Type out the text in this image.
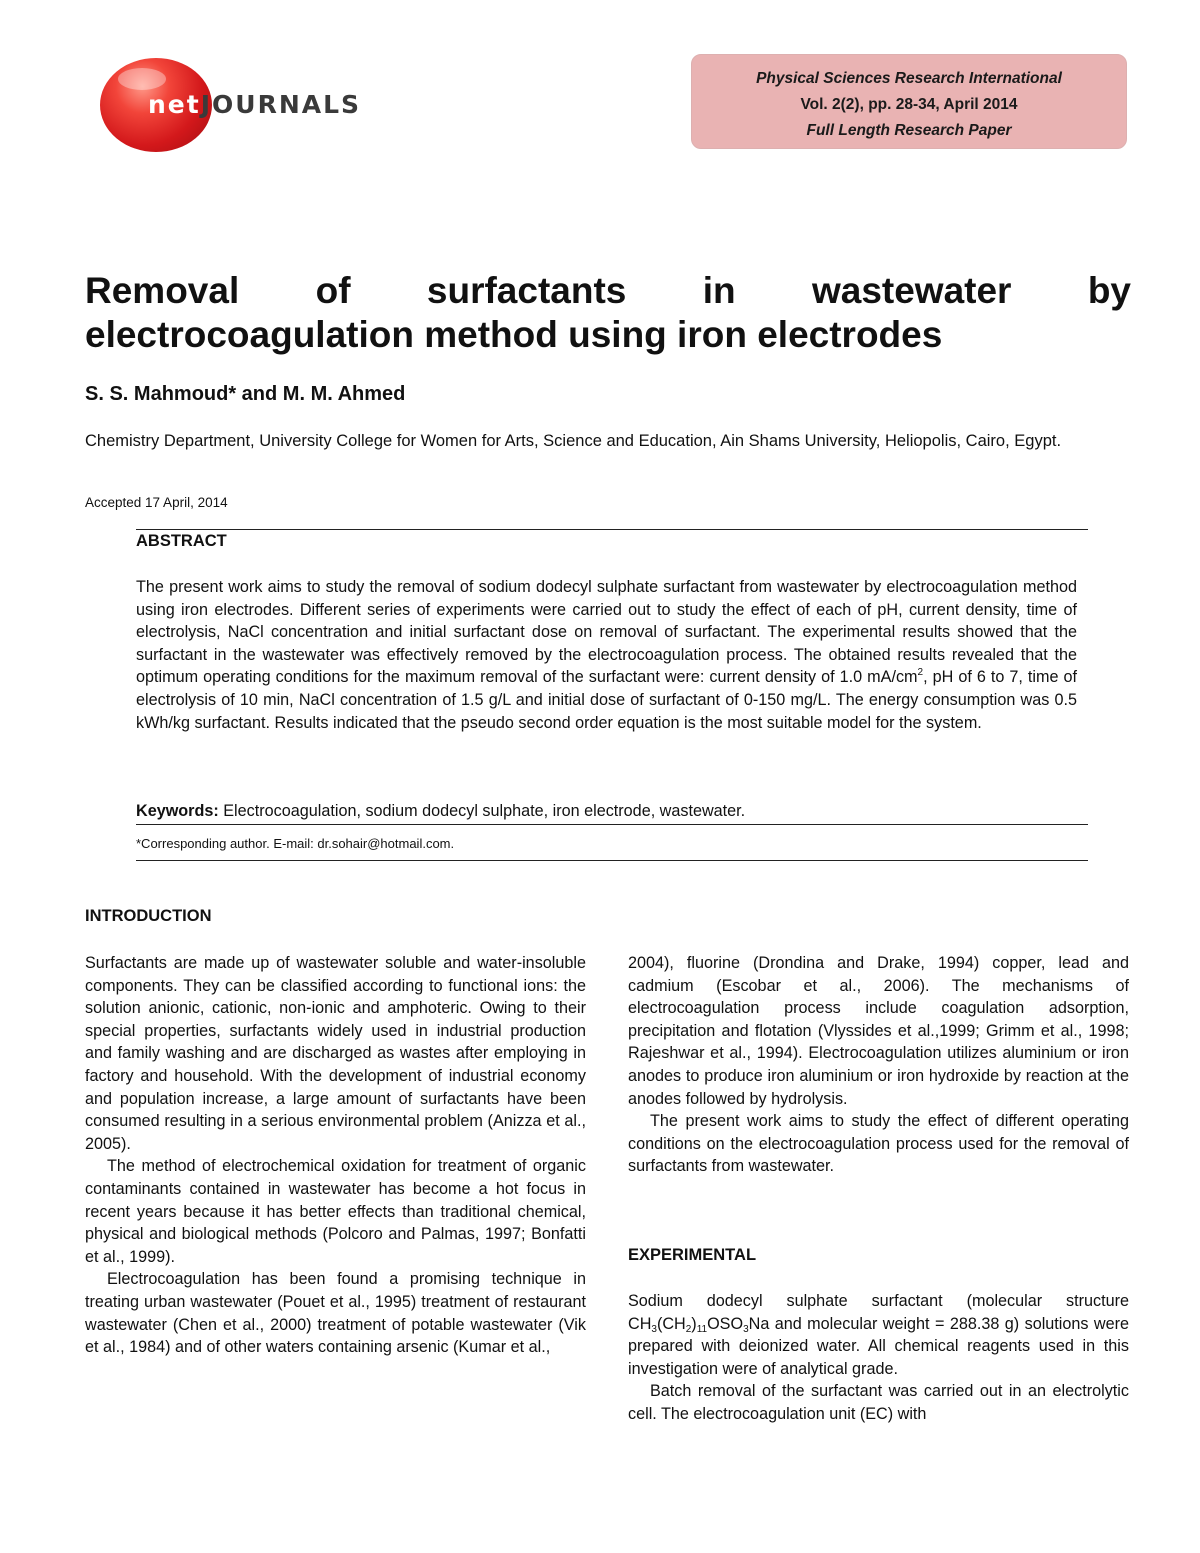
netJOURNALS
Physical Sciences Research International
Vol. 2(2), pp. 28-34, April 2014
Full Length Research Paper
Removal of surfactants in wastewater by
electrocoagulation method using iron electrodes
S. S. Mahmoud* and M. M. Ahmed
Chemistry Department, University College for Women for Arts, Science and Education, Ain Shams University, Heliopolis, Cairo, Egypt.
Accepted 17 April, 2014
ABSTRACT

The present work aims to study the removal of sodium dodecyl sulphate surfactant from wastewater by electrocoagulation method using iron electrodes. Different series of experiments were carried out to study the effect of each of pH, current density, time of electrolysis, NaCl concentration and initial surfactant dose on removal of surfactant. The experimental results showed that the surfactant in the wastewater was effectively removed by the electrocoagulation process. The obtained results revealed that the optimum operating conditions for the maximum removal of the surfactant were: current density of 1.0 $mA/cm^2$, pH of 6 to 7, time of electrolysis of 10 min, NaCl concentration of 1.5 g/L and initial dose of surfactant of 0-150 mg/L. The energy consumption was 0.5 kWh/kg surfactant. Results indicated that the pseudo second order equation is the most suitable model for the system.

Keywords: Electrocoagulation, sodium dodecyl sulphate, iron electrode, wastewater.
*Corresponding author. E-mail: dr.sohair@hotmail.com.
INTRODUCTION

Surfactants are made up of wastewater soluble and water-insoluble components. They can be classified according to functional ions: the solution anionic, cationic, non-ionic and amphoteric. Owing to their special properties, surfactants widely used in industrial production and family washing and are discharged as wastes after employing in factory and household. With the development of industrial economy and population increase, a large amount of surfactants have been consumed resulting in a serious environmental problem (Anizza et al., 2005).

The method of electrochemical oxidation for treatment of organic contaminants contained in wastewater has become a hot focus in recent years because it has better effects than traditional chemical, physical and biological methods (Polcoro and Palmas, 1997; Bonfatti et al., 1999).

Electrocoagulation has been found a promising technique in treating urban wastewater (Pouet et al., 1995) treatment of restaurant wastewater (Chen et al., 2000) treatment of potable wastewater (Vik et al., 1984) and of other waters containing arsenic (Kumar et al.,

2004), fluorine (Drondina and Drake, 1994) copper, lead and cadmium (Escobar et al., 2006). The mechanisms of electrocoagulation process include coagulation adsorption, precipitation and flotation (Vlyssides et al.,1999; Grimm et al., 1998; Rajeshwar et al., 1994). Electrocoagulation utilizes aluminium or iron anodes to produce iron aluminium or iron hydroxide by reaction at the anodes followed by hydrolysis.

The present work aims to study the effect of different operating conditions on the electrocoagulation process used for the removal of surfactants from wastewater.

EXPERIMENTAL

Sodium dodecyl sulphate surfactant (molecular structure $CH_3(CH_2)_{11}OSO_3Na$ and molecular weight = 288.38 g) solutions were prepared with deionized water. All chemical reagents used in this investigation were of analytical grade.

Batch removal of the surfactant was carried out in an electrolytic cell. The electrocoagulation unit (EC) with
